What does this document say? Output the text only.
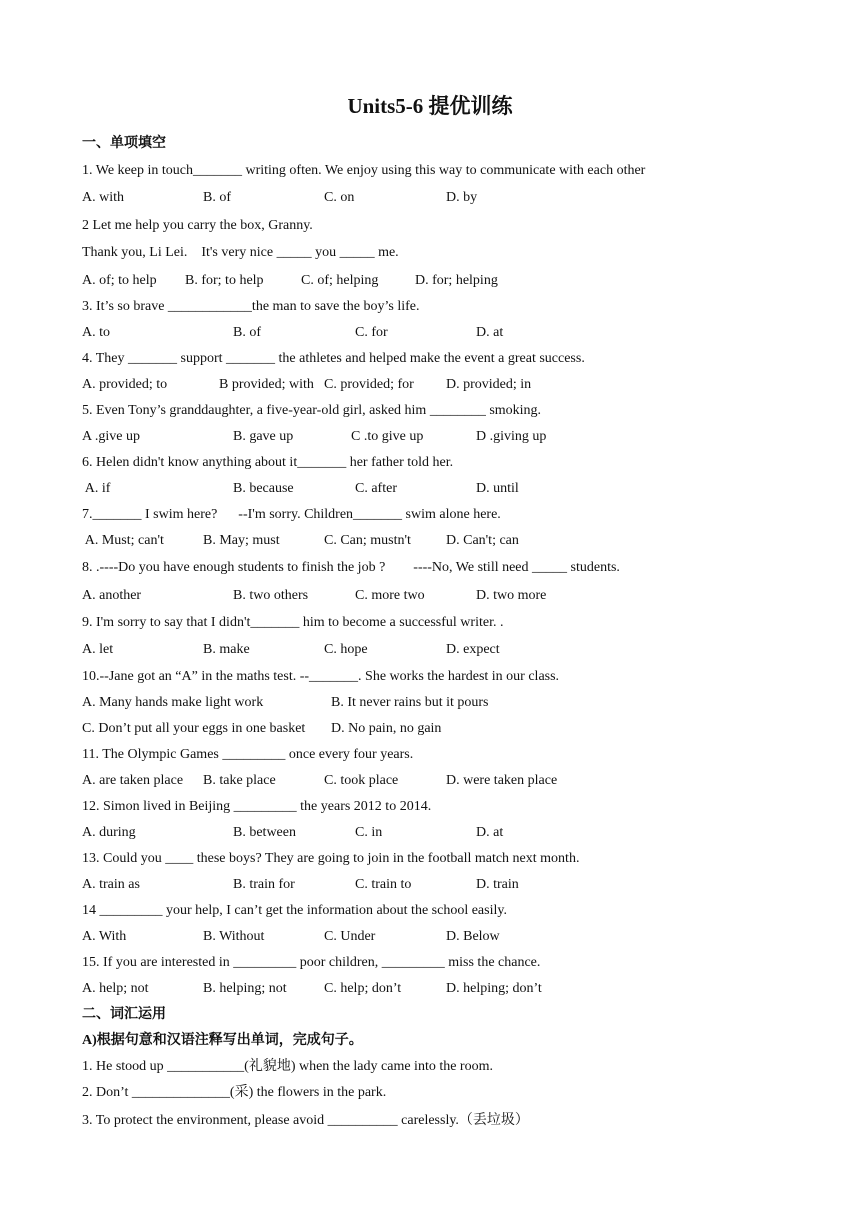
Units5-6 提优训练
一、单项填空
1. We keep in touch_______ writing often. We enjoy using this way to communicate with each other
A. with	B. of	C. on	D. by
2 Let me help you carry the box, Granny.
Thank you, Li Lei.    It's very nice _____ you _____ me.
A. of; to help B. for; to help	C. of; helping	D. for; helping
3. It’s so brave ____________the man to save the boy’s life.
A. to	B. of	C. for	D. at
4. They _______ support _______ the athletes and helped make the event a great success.
A. provided; to	B provided; with C. provided; for D. provided; in
5. Even Tony’s granddaughter, a five-year-old girl, asked him ________ smoking.
A .give up	B. gave up	C .to give up	D .giving up
6. Helen didn't know anything about it_______ her father told her.
A. if	B. because	C. after	D. until
7._______ I swim here?      --I'm sorry. Children_______ swim alone here.
A. Must; can't	B. May; must	C. Can; mustn't	D. Can't; can
8. .----Do you have enough students to finish the job ?        ----No, We still need _____ students.
A. another	B. two others	C. more two	D. two more
9. I'm sorry to say that I didn't_______ him to become a successful writer. .
A. let	B. make	C. hope	D. expect
10.--Jane got an “A” in the maths test. --_______. She works the hardest in our class.
A. Many hands make light work	B. It never rains but it pours
C. Don’t put all your eggs in one basket D. No pain, no gain
11. The Olympic Games _________ once every four years.
A. are taken place B. take place	C. took place	D. were taken place
12. Simon lived in Beijing _________ the years 2012 to 2014.
A. during	B. between	C. in	D. at
13. Could you ____ these boys? They are going to join in the football match next month.
A. train as	B. train for	C. train to	D. train
14 _________ your help, I can’t get the information about the school easily.
A. With	B. Without	C. Under	D. Below
15. If you are interested in _________ poor children, _________ miss the chance.
A. help; not	B. helping; not	C. help; don’t	D. helping; don’t
二、词汇运用
A)根据句意和汉语注释写出单词，完成句子。
1. He stood up ___________(礼貌地) when the lady came into the room.
2. Don’t ______________(采) the flowers in the park.
3. To protect the environment, please avoid __________ carelessly.（丢垃圾）
